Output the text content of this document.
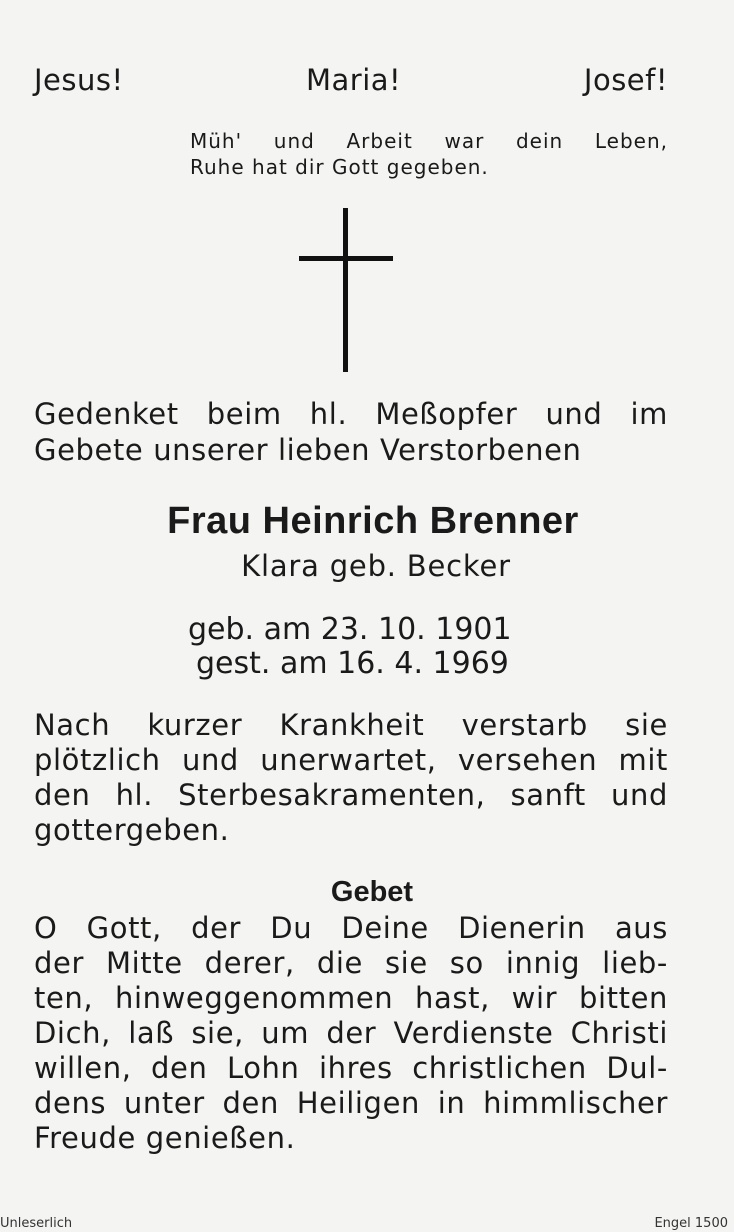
Jesus!	Maria!	Josef!
Müh' und Arbeit war dein Leben,
Ruhe hat dir Gott gegeben.
Gedenket beim hl. Meßopfer und im
Gebete unserer lieben Verstorbenen
Frau Heinrich Brenner
Klara geb. Becker
geb. am 23. 10. 1901
gest. am 16. 4. 1969
Nach kurzer Krankheit verstarb sie
plötzlich und unerwartet, versehen mit
den hl. Sterbesakramenten, sanft und
gottergeben.
Gebet
O Gott, der Du Deine Dienerin aus
der Mitte derer, die sie so innig lieb-
ten, hinweggenommen hast, wir bitten
Dich, laß sie, um der Verdienste Christi
willen, den Lohn ihres christlichen Dul-
dens unter den Heiligen in himmlischer
Freude genießen.
Unleserlich	Engel 1500
